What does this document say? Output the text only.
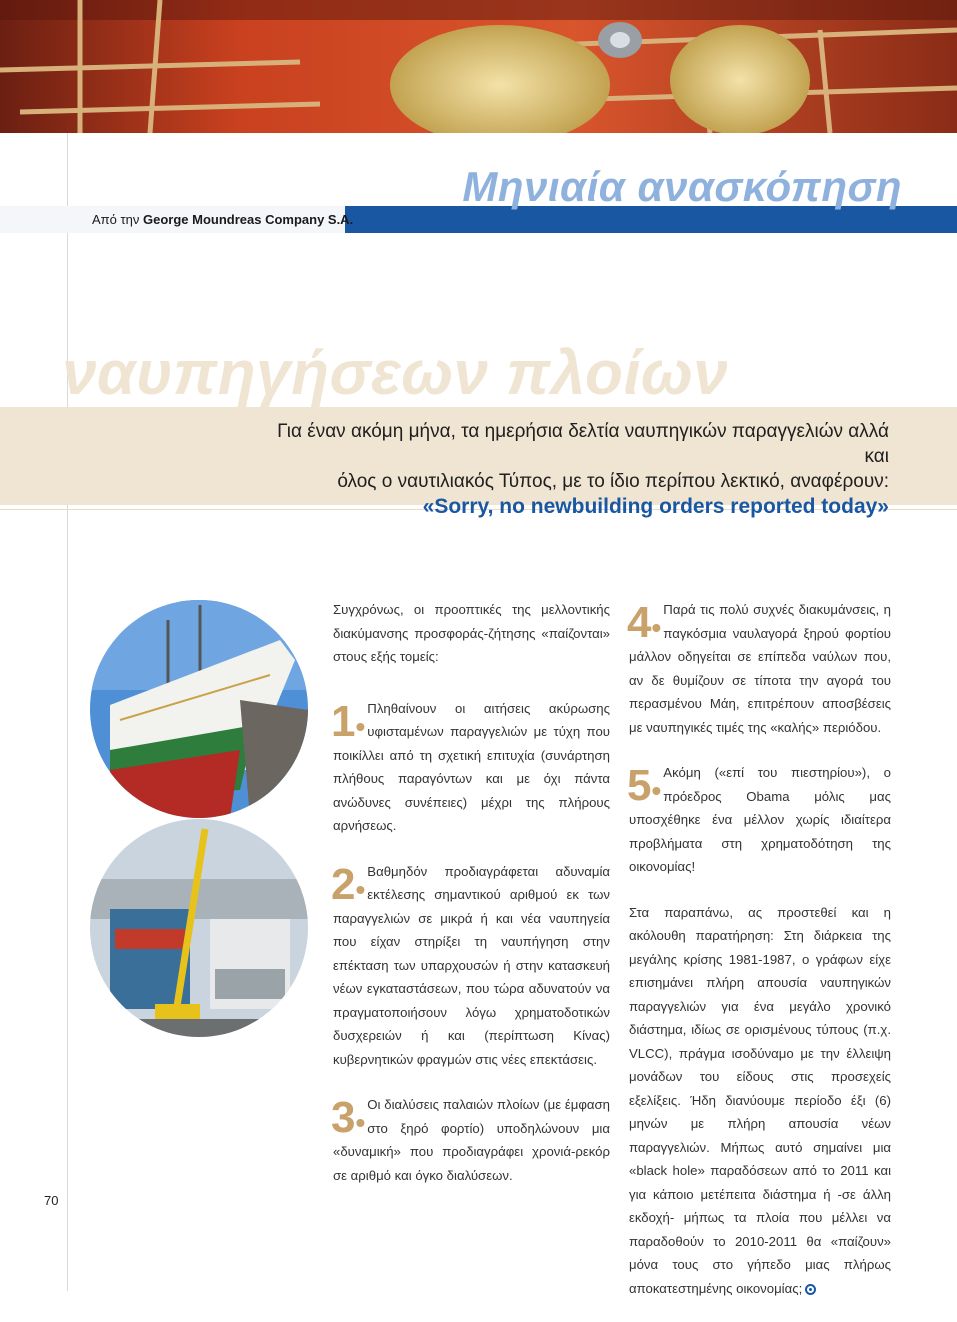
Από την George Moundreas Company S.A.
Μηνιαία ανασκόπηση
ναυπηγήσεων πλοίων
Για έναν ακόμη μήνα, τα ημερήσια δελτία ναυπηγικών παραγγελιών αλλά και
όλος ο ναυτιλιακός Τύπος, με το ίδιο περίπου λεκτικό, αναφέρουν:
«Sorry, no newbuilding orders reported today»

Συγχρόνως, οι προοπτικές της μελλοντικής διακύμανσης προσφοράς-ζήτησης «παίζονται» στους εξής τομείς:

1•
Πληθαίνουν οι αιτήσεις ακύρωσης υφισταμένων παραγγελιών με τύχη που ποικίλλει από τη σχετική επιτυχία (συνάρτηση πλήθους παραγόντων και με όχι πάντα ανώδυνες συνέπειες) μέχρι της πλήρους αρνήσεως.
2•
Βαθμηδόν προδιαγράφεται αδυναμία εκτέλεσης σημαντικού αριθμού εκ των παραγγελιών σε μικρά ή και νέα ναυπηγεία που είχαν στηρίξει τη ναυπήγηση στην επέκταση των υπαρχουσών ή στην κατασκευή νέων εγκαταστάσεων, που τώρα αδυνατούν να πραγματοποιήσουν λόγω χρηματοδοτικών δυσχερειών ή και (περίπτωση Κίνας) κυβερνητικών φραγμών στις νέες επεκτάσεις.
3•
Οι διαλύσεις παλαιών πλοίων (με έμφαση στο ξηρό φορτίο) υποδηλώνουν μια «δυναμική» που προδιαγράφει χρονιά-ρεκόρ σε αριθμό και όγκο διαλύσεων.
4•
Παρά τις πολύ συχνές διακυμάνσεις, η παγκόσμια ναυλαγορά ξηρού φορτίου μάλλον οδηγείται σε επίπεδα ναύλων που, αν δε θυμίζουν σε τίποτα την αγορά του περασμένου Μάη, επιτρέπουν αποσβέσεις με ναυπηγικές τιμές της «καλής» περιόδου.
5•
Ακόμη («επί του πιεστηρίου»), ο πρόεδρος Obama μόλις μας υποσχέθηκε ένα μέλλον χωρίς ιδιαίτερα προβλήματα στη χρηματοδότηση της οικονομίας!

Στα παραπάνω, ας προστεθεί και η ακόλουθη παρατήρηση: Στη διάρκεια της μεγάλης κρίσης 1981-1987, ο γράφων είχε επισημάνει πλήρη απουσία ναυπηγικών παραγγελιών για ένα μεγάλο χρονικό διάστημα, ιδίως σε ορισμένους τύπους (π.χ. VLCC), πράγμα ισοδύναμο με την έλλειψη μονάδων του είδους στις προσεχείς εξελίξεις. Ήδη διανύουμε περίοδο έξι (6) μηνών με πλήρη απουσία νέων παραγγελιών. Μήπως αυτό σημαίνει μια «black hole» παραδόσεων από το 2011 και για κάποιο μετέπειτα διάστημα ή -σε άλλη εκδοχή- μήπως τα πλοία που μέλλει να παραδοθούν το 2010-2011 θα «παίζουν» μόνα τους στο γήπεδο μιας πλήρως αποκατεστημένης οικονομίας;

70
